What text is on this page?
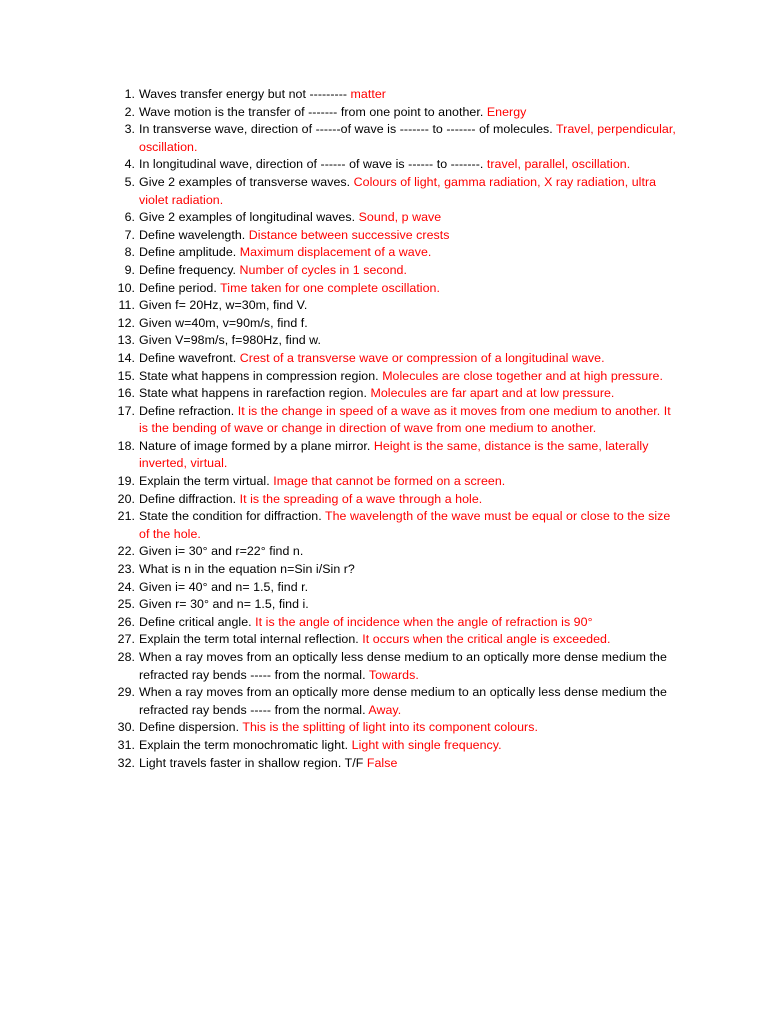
1. Waves transfer energy but not --------- matter
2. Wave motion is the transfer of ------- from one point to another. Energy
3. In transverse wave, direction of ------of wave is ------- to ------- of molecules. Travel, perpendicular, oscillation.
4. In longitudinal wave, direction of ------ of wave is ------ to -------. travel, parallel, oscillation.
5. Give 2 examples of transverse waves. Colours of light, gamma radiation, X ray radiation, ultra violet radiation.
6. Give 2 examples of longitudinal waves. Sound, p wave
7. Define wavelength. Distance between successive crests
8. Define amplitude. Maximum displacement of a wave.
9. Define frequency. Number of cycles in 1 second.
10. Define period. Time taken for one complete oscillation.
11. Given f= 20Hz, w=30m, find V.
12. Given w=40m, v=90m/s, find f.
13. Given V=98m/s, f=980Hz, find w.
14. Define wavefront. Crest of a transverse wave or compression of a longitudinal wave.
15. State what happens in compression region. Molecules are close together and at high pressure.
16. State what happens in rarefaction region. Molecules are far apart and at low pressure.
17. Define refraction. It is the change in speed of a wave as it moves from one medium to another. It is the bending of wave or change in direction of wave from one medium to another.
18. Nature of image formed by a plane mirror. Height is the same, distance is the same, laterally inverted, virtual.
19. Explain the term virtual. Image that cannot be formed on a screen.
20. Define diffraction. It is the spreading of a wave through a hole.
21. State the condition for diffraction. The wavelength of the wave must be equal or close to the size of the hole.
22. Given i= 30° and r=22° find n.
23. What is n in the equation n=Sin i/Sin r?
24. Given i= 40° and n= 1.5, find r.
25. Given r= 30° and n= 1.5, find i.
26. Define critical angle. It is the angle of incidence when the angle of refraction is 90°
27. Explain the term total internal reflection. It occurs when the critical angle is exceeded.
28. When a ray moves from an optically less dense medium to an optically more dense medium the refracted ray bends ----- from the normal. Towards.
29. When a ray moves from an optically more dense medium to an optically less dense medium the refracted ray bends ----- from the normal. Away.
30. Define dispersion. This is the splitting of light into its component colours.
31. Explain the term monochromatic light. Light with single frequency.
32. Light travels faster in shallow region. T/F False
